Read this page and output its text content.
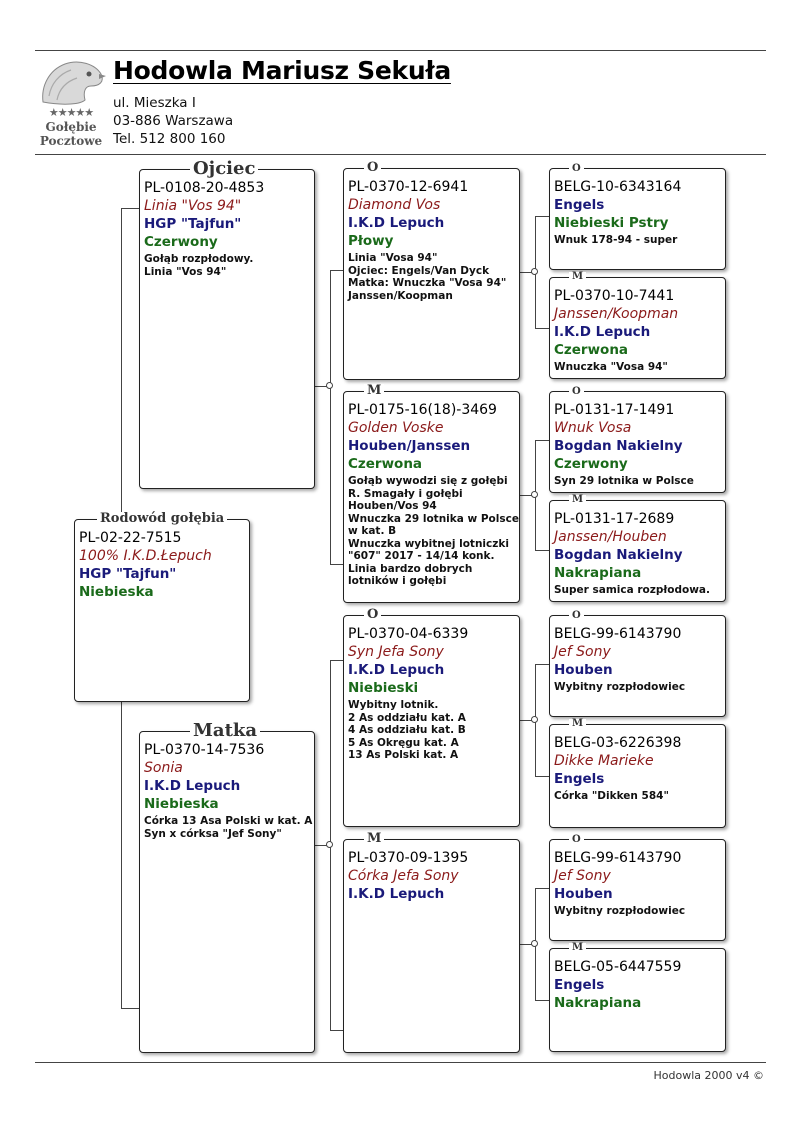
★★★★★
Gołębie
Pocztowe
Hodowla Mariusz Sekuła
ul. Mieszka I
03-886 Warszawa
Tel. 512 800 160
PL-02-22-7515
100% I.K.D.Łepuch
HGP "Tajfun"
Niebieska
Rodowód gołębia
PL-0108-20-4853
Linia "Vos 94"
HGP "Tajfun"
Czerwony
Gołąb rozpłodowy.
Linia "Vos 94"
Ojciec
PL-0370-14-7536
Sonia
I.K.D Lepuch
Niebieska
Córka 13 Asa Polski w kat. A
Syn x córksa "Jef Sony"
Matka
PL-0370-12-6941
Diamond Vos
I.K.D Lepuch
Płowy
Linia "Vosa 94"
Ojciec: Engels/Van Dyck
Matka: Wnuczka "Vosa 94"
Janssen/Koopman
O
PL-0175-16(18)-3469
Golden Voske
Houben/Janssen
Czerwona
Gołąb wywodzi się z gołębi
R. Smagały i gołębi
Houben/Vos 94
Wnuczka 29 lotnika w Polsce
w kat. B
Wnuczka wybitnej lotniczki
"607" 2017 - 14/14 konk.
Linia bardzo dobrych
lotników i gołębi
M
PL-0370-04-6339
Syn Jefa Sony
I.K.D Lepuch
Niebieski
Wybitny lotnik.
2 As oddziału kat. A
4 As oddziału kat. B
5 As Okręgu kat. A
13 As Polski kat. A
O
PL-0370-09-1395
Córka Jefa Sony
I.K.D Lepuch
M
BELG-10-6343164
Engels
Niebieski Pstry
Wnuk 178-94 - super
O
PL-0370-10-7441
Janssen/Koopman
I.K.D Lepuch
Czerwona
Wnuczka "Vosa 94"
M
PL-0131-17-1491
Wnuk Vosa
Bogdan Nakielny
Czerwony
Syn 29 lotnika w Polsce
O
PL-0131-17-2689
Janssen/Houben
Bogdan Nakielny
Nakrapiana
Super samica rozpłodowa.
M
BELG-99-6143790
Jef Sony
Houben
Wybitny rozpłodowiec
O
BELG-03-6226398
Dikke Marieke
Engels
Córka "Dikken 584"
M
BELG-99-6143790
Jef Sony
Houben
Wybitny rozpłodowiec
O
BELG-05-6447559
Engels
Nakrapiana
M
Hodowla 2000 v4 ©
